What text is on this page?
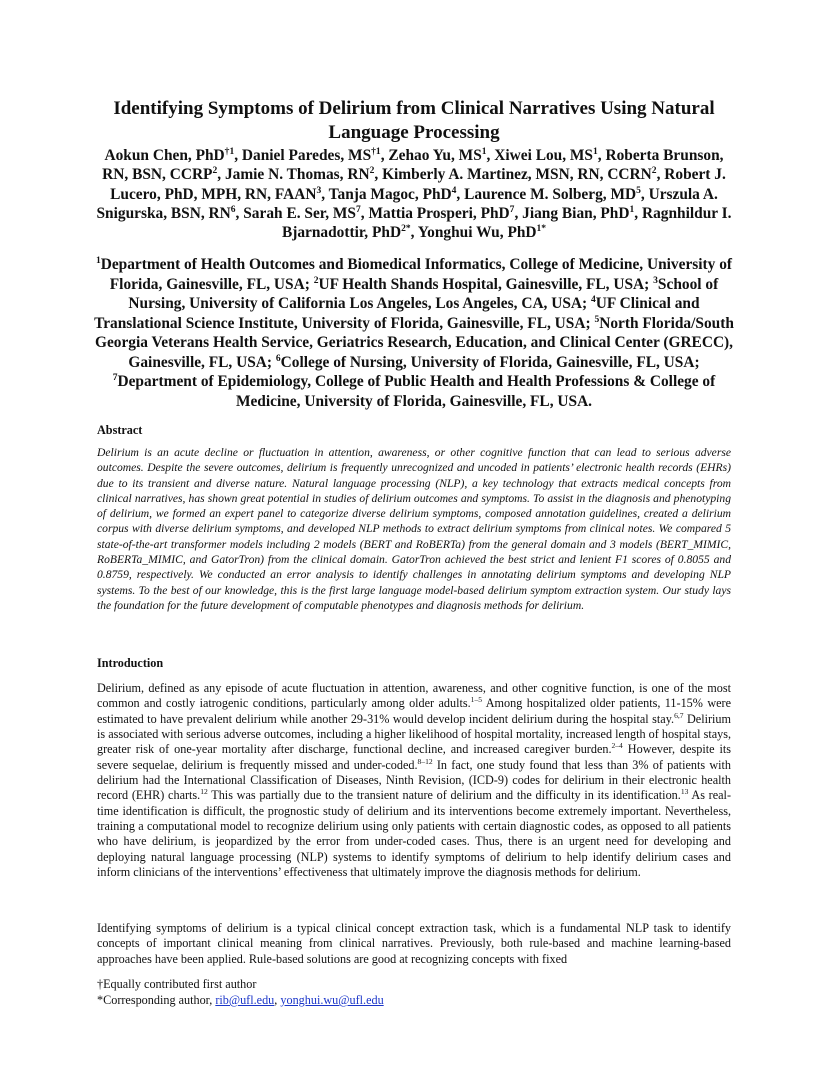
Identifying Symptoms of Delirium from Clinical Narratives Using Natural Language Processing

Aokun Chen, PhD$^{\dagger 1}$, Daniel Paredes, MS$^{\dagger 1}$, Zehao Yu, $MS^1$, Xiwei Lou, $MS^1$, Roberta Brunson, RN, BSN, CCRP$^2$, Jamie N. Thomas, $RN^2$, Kimberly A. Martinez, MSN, RN, CCRN$^2$, Robert J. Lucero, PhD, MPH, RN, FAAN$^3$, Tanja Magoc, PhD$^4$, Laurence M. Solberg, $MD^5$, Urszula A. Snigurska, BSN, $RN^6$, Sarah E. Ser, $MS^7$, Mattia Prosperi, PhD$^7$, Jiang Bian, PhD$^1$, Ragnhildur I. Bjarnadottir, PhD$^{2*}$, Yonghui Wu, PhD$^{1*}$

$^1$Department of Health Outcomes and Biomedical Informatics, College of Medicine, University of Florida, Gainesville, FL, USA; $^2$UF Health Shands Hospital, Gainesville, FL, USA; $^3$School of Nursing, University of California Los Angeles, Los Angeles, CA, USA; $^4$UF Clinical and Translational Science Institute, University of Florida, Gainesville, FL, USA; $^5$North Florida/South Georgia Veterans Health Service, Geriatrics Research, Education, and Clinical Center (GRECC), Gainesville, FL, USA; $^6$College of Nursing, University of Florida, Gainesville, FL, USA; $^7$Department of Epidemiology, College of Public Health and Health Professions & College of Medicine, University of Florida, Gainesville, FL, USA.

Abstract

Delirium is an acute decline or fluctuation in attention, awareness, or other cognitive function that can lead to serious adverse outcomes. Despite the severe outcomes, delirium is frequently unrecognized and uncoded in patients’ electronic health records (EHRs) due to its transient and diverse nature. Natural language processing (NLP), a key technology that extracts medical concepts from clinical narratives, has shown great potential in studies of delirium outcomes and symptoms. To assist in the diagnosis and phenotyping of delirium, we formed an expert panel to categorize diverse delirium symptoms, composed annotation guidelines, created a delirium corpus with diverse delirium symptoms, and developed NLP methods to extract delirium symptoms from clinical notes. We compared 5 state-of-the-art transformer models including 2 models (BERT and RoBERTa) from the general domain and 3 models (BERT_MIMIC, RoBERTa_MIMIC, and GatorTron) from the clinical domain. GatorTron achieved the best strict and lenient F1 scores of 0.8055 and 0.8759, respectively. We conducted an error analysis to identify challenges in annotating delirium symptoms and developing NLP systems. To the best of our knowledge, this is the first large language model-based delirium symptom extraction system. Our study lays the foundation for the future development of computable phenotypes and diagnosis methods for delirium.

Introduction

Delirium, defined as any episode of acute fluctuation in attention, awareness, and other cognitive function, is one of the most common and costly iatrogenic conditions, particularly among older adults.$^{1-5}$ Among hospitalized older patients, 11-15% were estimated to have prevalent delirium while another 29-31% would develop incident delirium during the hospital stay.$^{6,7}$ Delirium is associated with serious adverse outcomes, including a higher likelihood of hospital mortality, increased length of hospital stays, greater risk of one-year mortality after discharge, functional decline, and increased caregiver burden.$^{2-4}$ However, despite its severe sequelae, delirium is frequently missed and under-coded.$^{8-12}$ In fact, one study found that less than 3% of patients with delirium had the International Classification of Diseases, Ninth Revision, (ICD-9) codes for delirium in their electronic health record (EHR) charts.$^{12}$ This was partially due to the transient nature of delirium and the difficulty in its identification.$^{13}$ As real-time identification is difficult, the prognostic study of delirium and its interventions become extremely important. Nevertheless, training a computational model to recognize delirium using only patients with certain diagnostic codes, as opposed to all patients who have delirium, is jeopardized by the error from under-coded cases. Thus, there is an urgent need for developing and deploying natural language processing (NLP) systems to identify symptoms of delirium to help identify delirium cases and inform clinicians of the interventions’ effectiveness that ultimately improve the diagnosis methods for delirium.

Identifying symptoms of delirium is a typical clinical concept extraction task, which is a fundamental NLP task to identify concepts of important clinical meaning from clinical narratives. Previously, both rule-based and machine learning-based approaches have been applied. Rule-based solutions are good at recognizing concepts with fixed

†Equally contributed first author

*Corresponding author, rib@ufl.edu, yonghui.wu@ufl.edu
